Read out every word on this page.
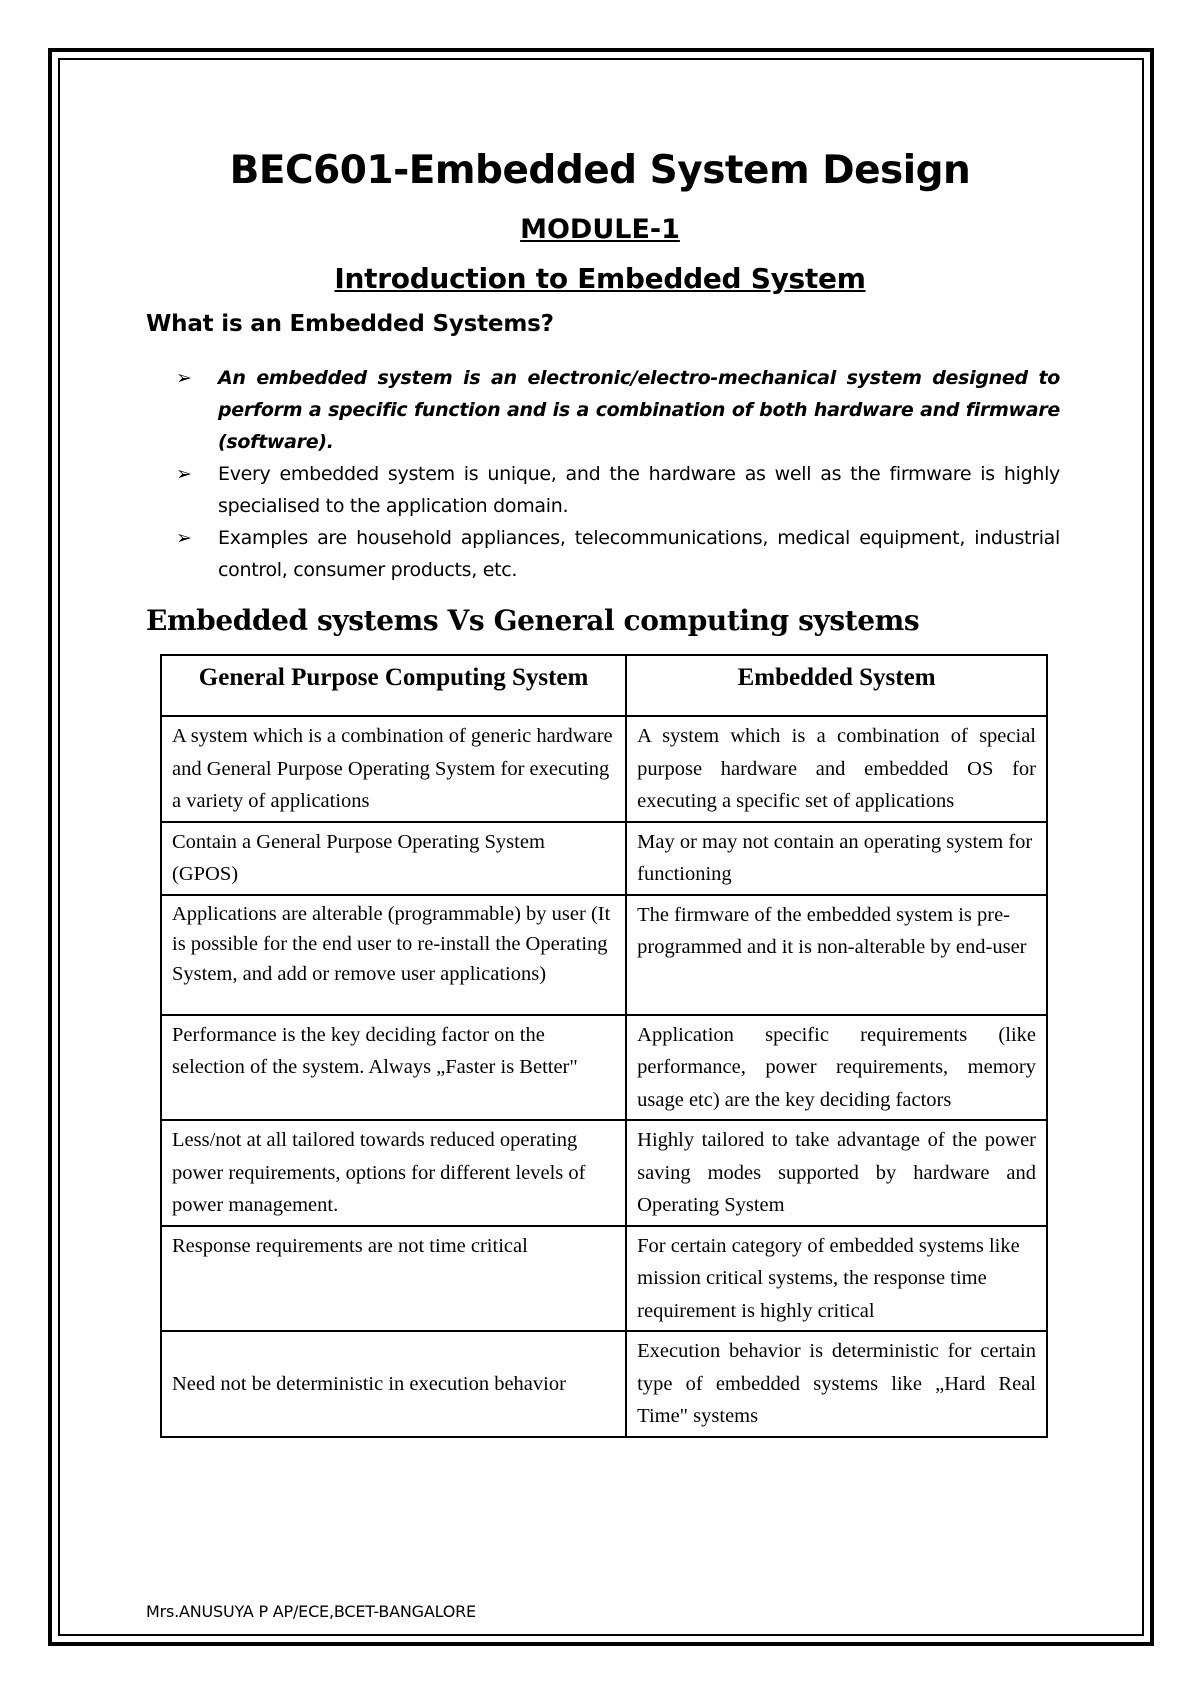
BEC601-Embedded System Design
MODULE-1
Introduction to Embedded System
What is an Embedded Systems?
➢ An embedded system is an electronic/electro-mechanical system designed to perform a specific function and is a combination of both hardware and firmware (software).
➢ Every embedded system is unique, and the hardware as well as the firmware is highly specialised to the application domain.
➢ Examples are household appliances, telecommunications, medical equipment, industrial control, consumer products, etc.
Embedded systems Vs General computing systems
General Purpose Computing System	Embedded System
A system which is a combination of generic hardware and General Purpose Operating System for executing a variety of applications	A system which is a combination of special purpose hardware and embedded OS for executing a specific set of applications
Contain a General Purpose Operating System (GPOS)	May or may not contain an operating system for functioning
Applications are alterable (programmable) by user (It is possible for the end user to re-install the Operating System, and add or remove user applications)	The firmware of the embedded system is pre-programmed and it is non-alterable by end-user
Performance is the key deciding factor on the selection of the system. Always „Faster is Better"	Application specific requirements (like performance, power requirements, memory usage etc) are the key deciding factors
Less/not at all tailored towards reduced operating power requirements, options for different levels of power management.	Highly tailored to take advantage of the power saving modes supported by hardware and Operating System
Response requirements are not time critical	For certain category of embedded systems like mission critical systems, the response time requirement is highly critical
Need not be deterministic in execution behavior	Execution behavior is deterministic for certain type of embedded systems like „Hard Real Time" systems
Mrs.ANUSUYA P AP/ECE,BCET-BANGALORE
